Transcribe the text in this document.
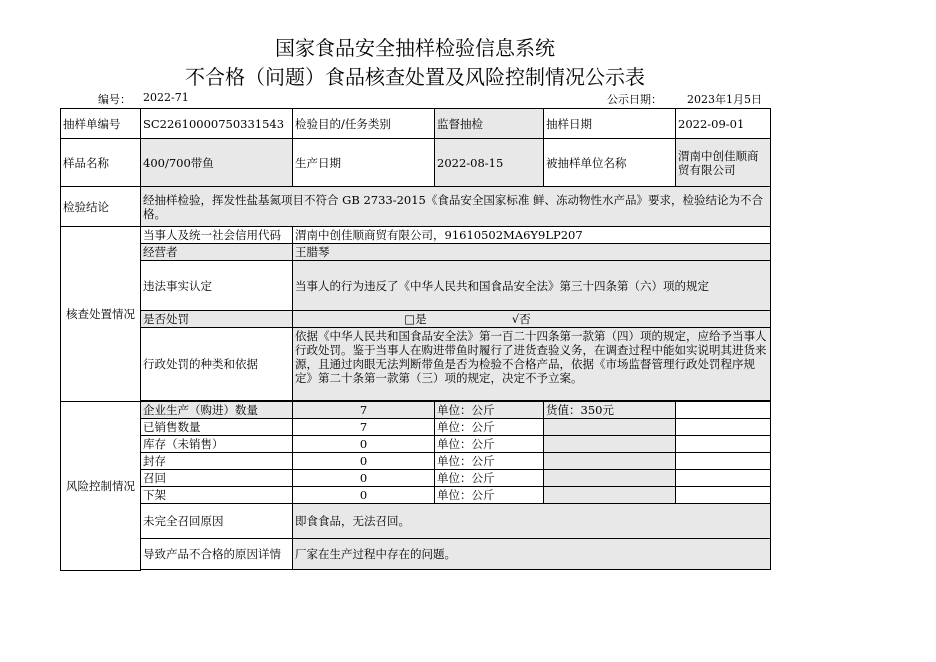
国家食品安全抽样检验信息系统
不合格（问题）食品核查处置及风险控制情况公示表
编号： 2022-71	公示日期： 2023年1月5日
抽样单编号	SC22610000750331543	检验目的/任务类别	监督抽检	抽样日期	2022-09-01
样品名称	400/700带鱼	生产日期	2022-08-15	被抽样单位名称	渭南中创佳顺商贸有限公司
检验结论	经抽样检验，挥发性盐基氮项目不符合 GB 2733-2015《食品安全国家标准 鲜、冻动物性水产品》要求，检验结论为不合格。				
核查处置情况	当事人及统一社会信用代码	渭南中创佳顺商贸有限公司，91610502MA6Y9LP207			
	经营者	王腊琴			
	违法事实认定	当事人的行为违反了《中华人民共和国食品安全法》第三十四条第（六）项的规定			
	是否处罚	□是 √否			
	行政处罚的种类和依据	依据《中华人民共和国食品安全法》第一百二十四条第一款第（四）项的规定，应给予当事人行政处罚。鉴于当事人在购进带鱼时履行了进货查验义务，在调查过程中能如实说明其进货来源，且通过肉眼无法判断带鱼是否为检验不合格产品，依据《市场监督管理行政处罚程序规定》第二十条第一款第（三）项的规定，决定不予立案。			

风险控制情况	企业生产（购进）数量	7	单位：公斤	货值：350元	
	已销售数量	7	单位：公斤		
	库存（未销售）	0	单位：公斤		
	封存	0	单位：公斤		
	召回	0	单位：公斤		
	下架	0	单位：公斤		
	未完全召回原因	即食食品，无法召回。			
	导致产品不合格的原因详情	厂家在生产过程中存在的问题。			
